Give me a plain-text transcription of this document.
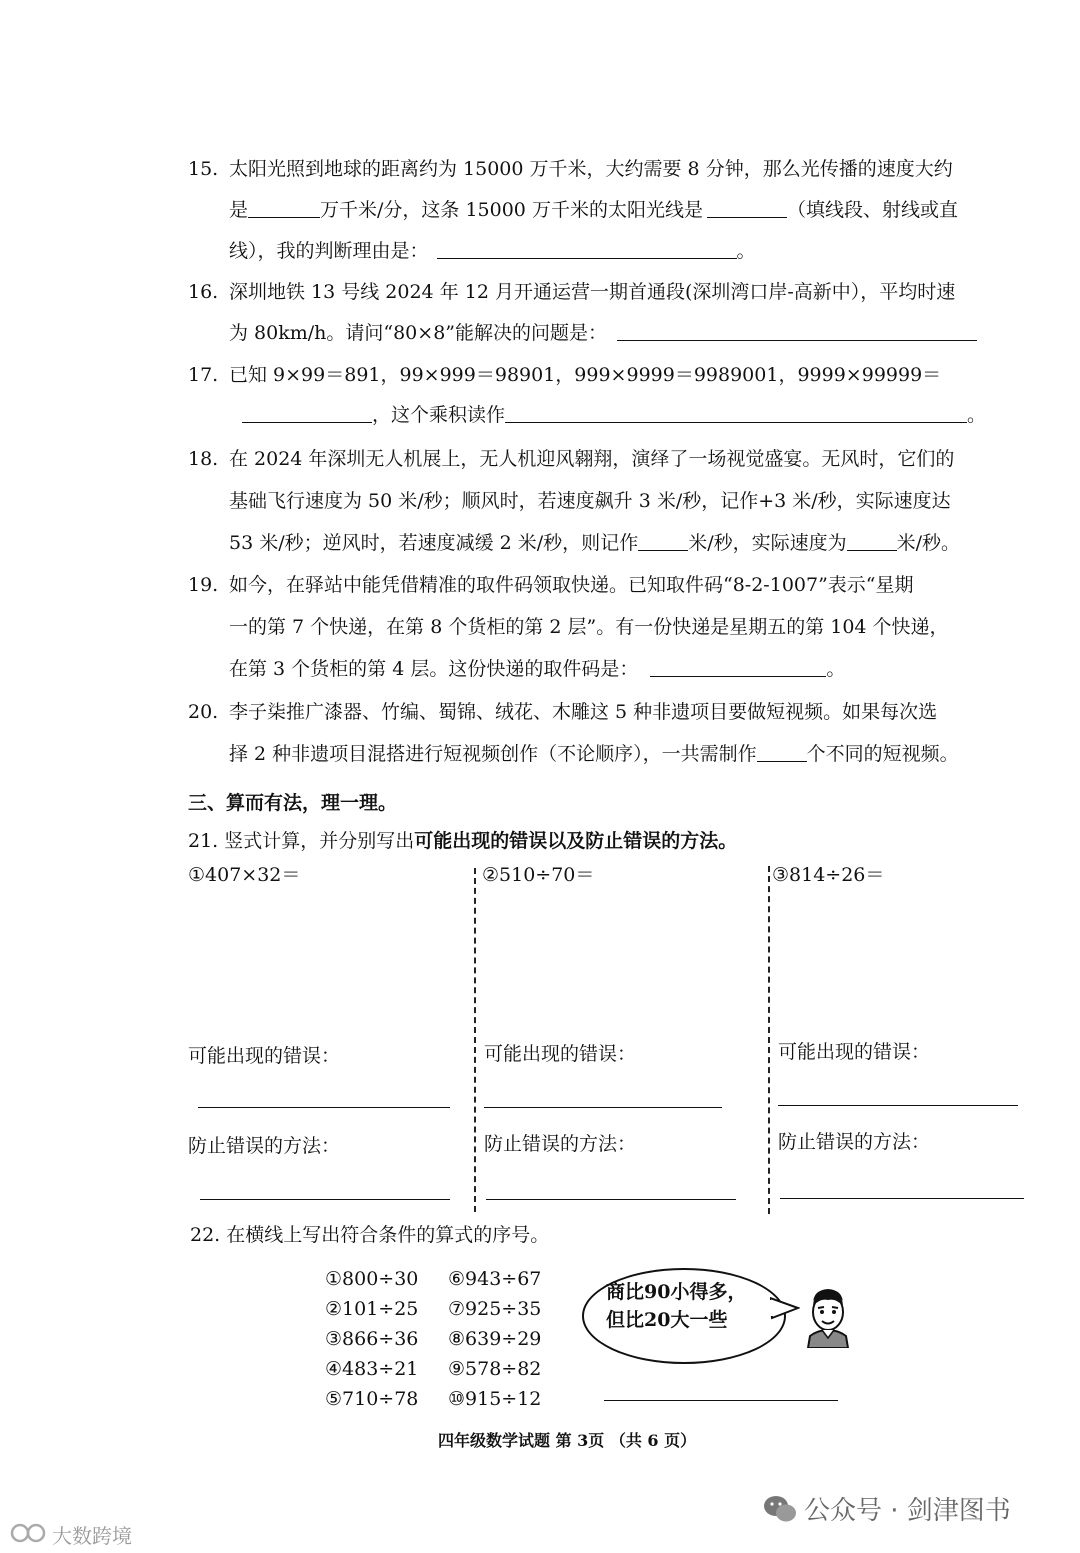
15. 太阳光照到地球的距离约为 15000 万千米，大约需要 8 分钟，那么光传播的速度大约
是	万千米/分，这条 15000 万千米的太阳光线是	（填线段、射线或直
线），我的判断理由是：	。
16. 深圳地铁 13 号线 2024 年 12 月开通运营一期首通段(深圳湾口岸-高新中），平均时速
为 80km/h。请问“80×8”能解决的问题是：
17. 已知 9×99＝891，99×999＝98901，999×9999＝9989001，9999×99999＝
，这个乘积读作	。
18. 在 2024 年深圳无人机展上，无人机迎风翱翔，演绎了一场视觉盛宴。无风时，它们的
基础飞行速度为 50 米/秒；顺风时，若速度飙升 3 米/秒，记作+3 米/秒，实际速度达
53 米/秒；逆风时，若速度减缓 2 米/秒，则记作	米/秒，实际速度为	米/秒。
19. 如今，在驿站中能凭借精准的取件码领取快递。已知取件码“8-2-1007”表示“星期
一的第 7 个快递，在第 8 个货柜的第 2 层”。有一份快递是星期五的第 104 个快递，
在第 3 个货柜的第 4 层。这份快递的取件码是：	。
20. 李子柒推广漆器、竹编、蜀锦、绒花、木雕这 5 种非遗项目要做短视频。如果每次选
择 2 种非遗项目混搭进行短视频创作（不论顺序），一共需制作	个不同的短视频。
三、算而有法，理一理。
21. 竖式计算，并分别写出可能出现的错误以及防止错误的方法。
①407×32＝	②510÷70＝	③814÷26＝
可能出现的错误：	可能出现的错误：	可能出现的错误：
防止错误的方法：	防止错误的方法：	防止错误的方法：
22. 在横线上写出符合条件的算式的序号。
①800÷30
②101÷25
③866÷36
④483÷21
⑤710÷78
⑥943÷67
⑦925÷35
⑧639÷29
⑨578÷82
⑩915÷12
商比90小得多，
但比20大一些
四年级数学试题 第 3页 （共 6 页）
公众号 · 剑津图书
大数跨境
